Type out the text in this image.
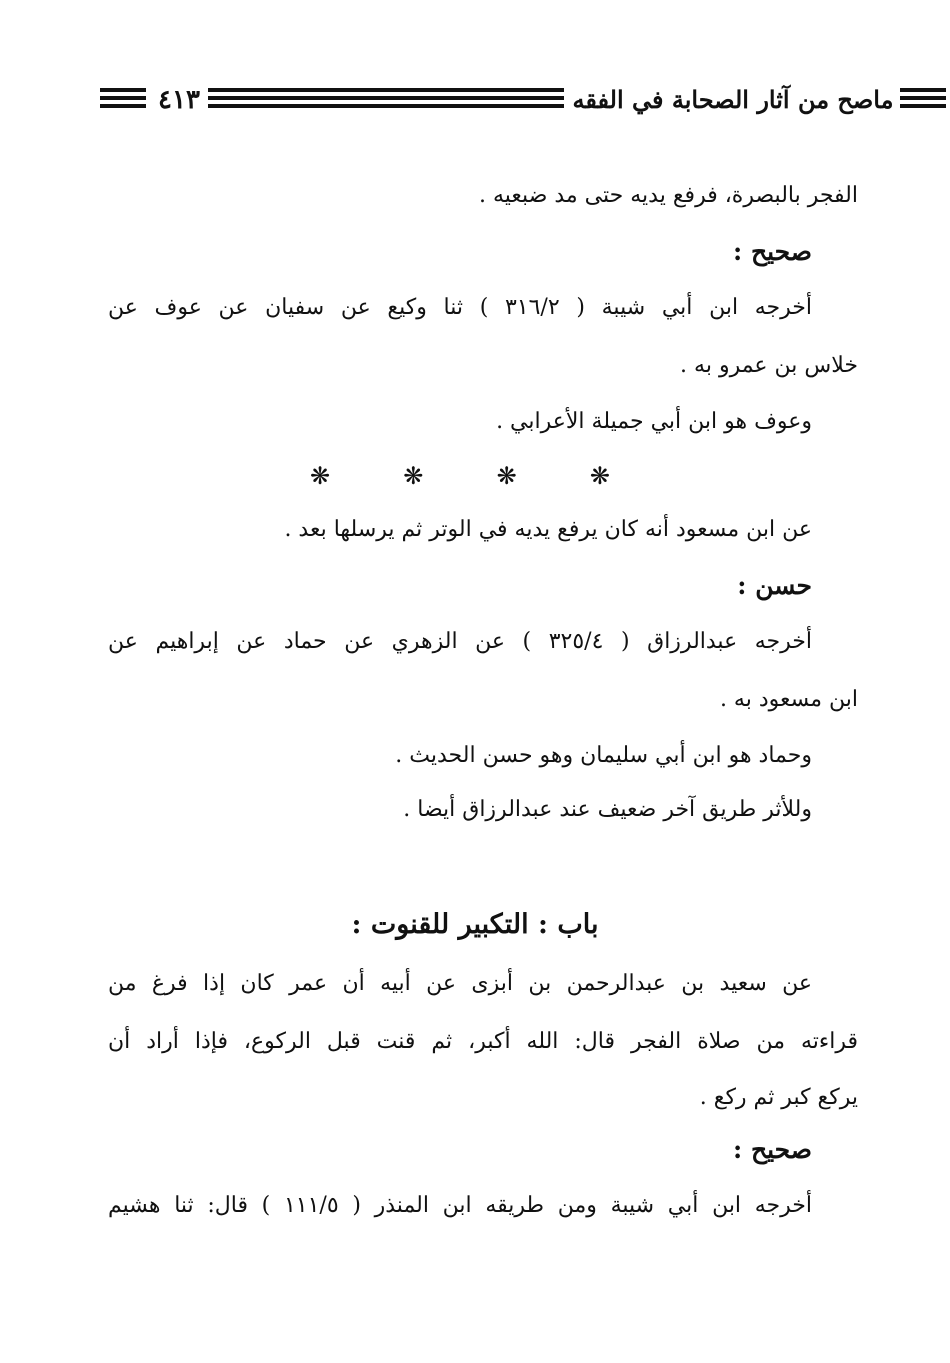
٤١٣	ماصح من آثار الصحابة في الفقه
الفجر بالبصرة، فرفع يديه حتى مد ضبعيه .
صحيح :
أخرجه ابن أبي شيبة ( ٣١٦/٢ ) ثنا وكيع عن سفيان عن عوف عن
خلاس بن عمرو به .
وعوف هو ابن أبي جميلة الأعرابي .
❋	❋	❋	❋
عن ابن مسعود أنه كان يرفع يديه في الوتر ثم يرسلها بعد .
حسن :
أخرجه عبدالرزاق ( ٣٢٥/٤ ) عن الزهري عن حماد عن إبراهيم عن
ابن مسعود به .
وحماد هو ابن أبي سليمان وهو حسن الحديث .
وللأثر طريق آخر ضعيف عند عبدالرزاق أيضا .
باب : التكبير للقنوت :
عن سعيد بن عبدالرحمن بن أبزى عن أبيه أن عمر كان إذا فرغ من
قراءته من صلاة الفجر قال: الله أكبر، ثم قنت قبل الركوع، فإذا أراد أن
يركع كبر ثم ركع .
صحيح :
أخرجه ابن أبي شيبة ومن طريقه ابن المنذر ( ١١١/٥ ) قال: ثنا هشيم
